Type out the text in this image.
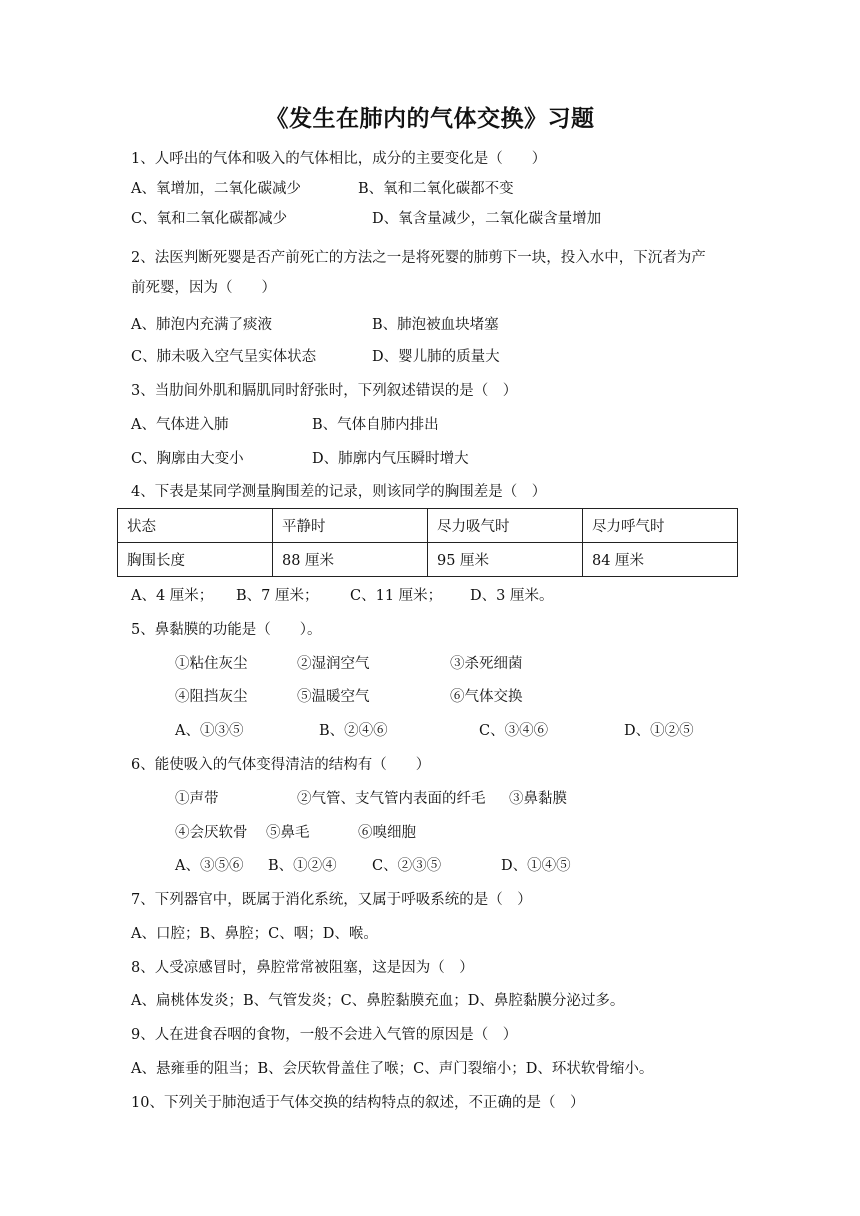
《发生在肺内的气体交换》习题
1、人呼出的气体和吸入的气体相比，成分的主要变化是（　　）
A、氧增加，二氧化碳减少	B、氧和二氧化碳都不变
C、氧和二氧化碳都减少	D、氧含量减少，二氧化碳含量增加
2、法医判断死婴是否产前死亡的方法之一是将死婴的肺剪下一块，投入水中，下沉者为产
前死婴，因为（　　）
A、肺泡内充满了痰液	B、肺泡被血块堵塞
C、肺未吸入空气呈实体状态	D、婴儿肺的质量大
3、当肋间外肌和膈肌同时舒张时，下列叙述错误的是（　）
A、气体进入肺	B、气体自肺内排出
C、胸廓由大变小	D、肺廓内气压瞬时增大
4、下表是某同学测量胸围差的记录，则该同学的胸围差是（　）
状态	平静时	尽力吸气时	尽力呼气时
胸围长度	88 厘米	95 厘米	84 厘米
A、4 厘米； B、7 厘米； C、11 厘米； D、3 厘米。
5、鼻黏膜的功能是（　　）。
①粘住灰尘	②湿润空气	③杀死细菌
④阻挡灰尘	⑤温暖空气	⑥气体交换
A、①③⑤	B、②④⑥	C、③④⑥	D、①②⑤
6、能使吸入的气体变得清洁的结构有（　　）
①声带	②气管、支气管内表面的纤毛 ③鼻黏膜
④会厌软骨 ⑤鼻毛	⑥嗅细胞
A、③⑤⑥ B、①②④ C、②③⑤	D、①④⑤
7、下列器官中，既属于消化系统，又属于呼吸系统的是（　）
A、口腔；B、鼻腔；C、咽；D、喉。
8、人受凉感冒时，鼻腔常常被阻塞，这是因为（　）
A、扁桃体发炎；B、气管发炎；C、鼻腔黏膜充血；D、鼻腔黏膜分泌过多。
9、人在进食吞咽的食物，一般不会进入气管的原因是（　）
A、悬雍垂的阻当；B、会厌软骨盖住了喉；C、声门裂缩小；D、环状软骨缩小。
10、下列关于肺泡适于气体交换的结构特点的叙述，不正确的是（　）
